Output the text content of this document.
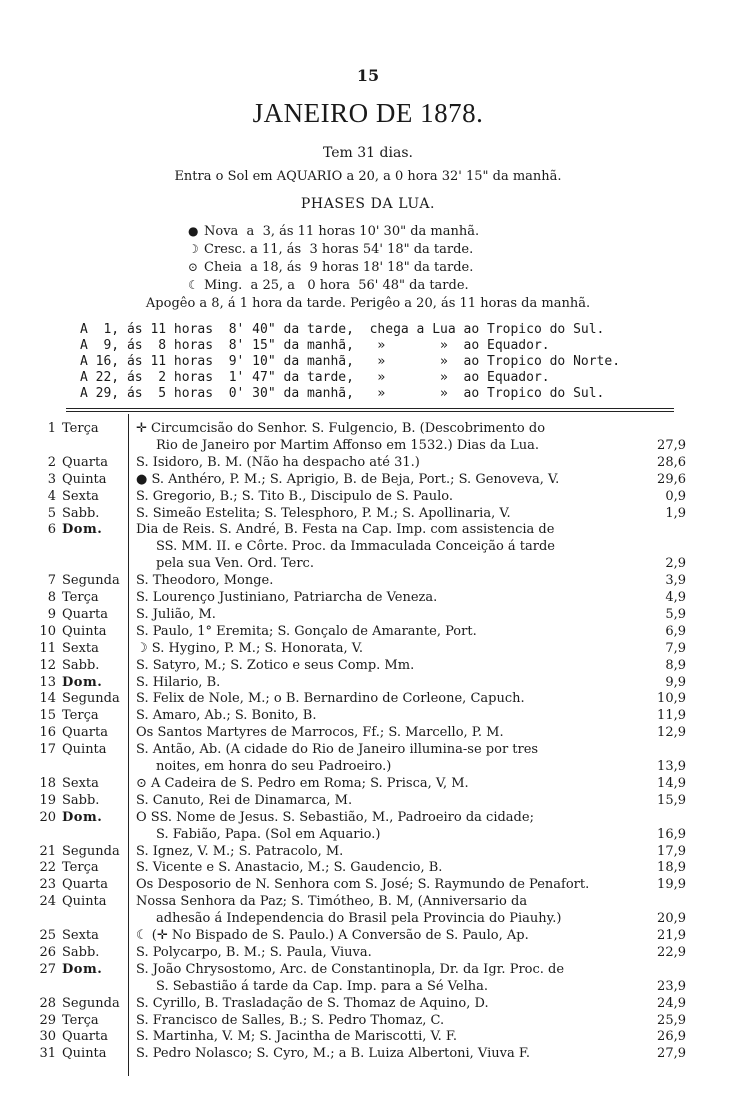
15
JANEIRO DE 1878.
Tem 31 dias.
Entra o Sol em AQUARIO a 20, a 0 hora 32' 15" da manhã.
PHASES DA LUA.
● Nova  a  3, ás 11 horas 10' 30" da manhã.
☽ Cresc. a 11, ás  3 horas 54' 18" da tarde.
⊙ Cheia  a 18, ás  9 horas 18' 18" da tarde.
☾ Ming.  a 25, a   0 hora  56' 48" da tarde.
Apogêo a 8, á 1 hora da tarde. Perigêo a 20, ás 11 horas da manhã.
A  1, ás 11 horas  8' 40" da tarde,  chega a Lua ao Tropico do Sul.
A  9, ás  8 horas  8' 15" da manhã,   »       »  ao Equador.
A 16, ás 11 horas  9' 10" da manhã,   »       »  ao Tropico do Norte.
A 22, ás  2 horas  1' 47" da tarde,   »       »  ao Equador.
A 29, ás  5 horas  0' 30" da manhã,   »       »  ao Tropico do Sul.
1 Terça	✛ Circumcisão do Senhor. S. Fulgencio, B. (Descobrimento do
Rio de Janeiro por Martim Affonso em 1532.) Dias da Lua.	27,9
2 Quarta	S. Isidoro, B. M. (Não ha despacho até 31.)	28,6
3 Quinta	● S. Anthéro, P. M.; S. Aprigio, B. de Beja, Port.; S. Genoveva, V.	29,6
4 Sexta	S. Gregorio, B.; S. Tito B., Discipulo de S. Paulo.	0,9
5 Sabb.	S. Simeão Estelita; S. Telesphoro, P. M.; S. Apollinaria, V.	1,9
6 Dom.	Dia de Reis. S. André, B. Festa na Cap. Imp. com assistencia de
SS. MM. II. e Côrte. Proc. da Immaculada Conceição á tarde
pela sua Ven. Ord. Terc.	2,9
7 Segunda	S. Theodoro, Monge.	3,9
8 Terça	S. Lourenço Justiniano, Patriarcha de Veneza.	4,9
9 Quarta	S. Julião, M.	5,9
10 Quinta	S. Paulo, 1° Eremita; S. Gonçalo de Amarante, Port.	6,9
11 Sexta	☽ S. Hygino, P. M.; S. Honorata, V.	7,9
12 Sabb.	S. Satyro, M.; S. Zotico e seus Comp. Mm.	8,9
13 Dom.	S. Hilario, B.	9,9
14 Segunda	S. Felix de Nole, M.; o B. Bernardino de Corleone, Capuch.	10,9
15 Terça	S. Amaro, Ab.; S. Bonito, B.	11,9
16 Quarta	Os Santos Martyres de Marrocos, Ff.; S. Marcello, P. M.	12,9
17 Quinta	S. Antão, Ab. (A cidade do Rio de Janeiro illumina-se por tres
noites, em honra do seu Padroeiro.)	13,9
18 Sexta	⊙ A Cadeira de S. Pedro em Roma; S. Prisca, V, M.	14,9
19 Sabb.	S. Canuto, Rei de Dinamarca, M.	15,9
20 Dom.	O SS. Nome de Jesus. S. Sebastião, M., Padroeiro da cidade;
S. Fabião, Papa. (Sol em Aquario.)	16,9
21 Segunda	S. Ignez, V. M.; S. Patracolo, M.	17,9
22 Terça	S. Vicente e S. Anastacio, M.; S. Gaudencio, B.	18,9
23 Quarta	Os Desposorio de N. Senhora com S. José; S. Raymundo de Penafort.	19,9
24 Quinta	Nossa Senhora da Paz; S. Timótheo, B. M, (Anniversario da
adhesão á Independencia do Brasil pela Provincia do Piauhy.)	20,9
25 Sexta	☾ (✛ No Bispado de S. Paulo.) A Conversão de S. Paulo, Ap.	21,9
26 Sabb.	S. Polycarpo, B. M.; S. Paula, Viuva.	22,9
27 Dom.	S. João Chrysostomo, Arc. de Constantinopla, Dr. da Igr. Proc. de
S. Sebastião á tarde da Cap. Imp. para a Sé Velha.	23,9
28 Segunda	S. Cyrillo, B. Trasladação de S. Thomaz de Aquino, D.	24,9
29 Terça	S. Francisco de Salles, B.; S. Pedro Thomaz, C.	25,9
30 Quarta	S. Martinha, V. M; S. Jacintha de Mariscotti, V. F.	26,9
31 Quinta	S. Pedro Nolasco; S. Cyro, M.; a B. Luiza Albertoni, Viuva F.	27,9
